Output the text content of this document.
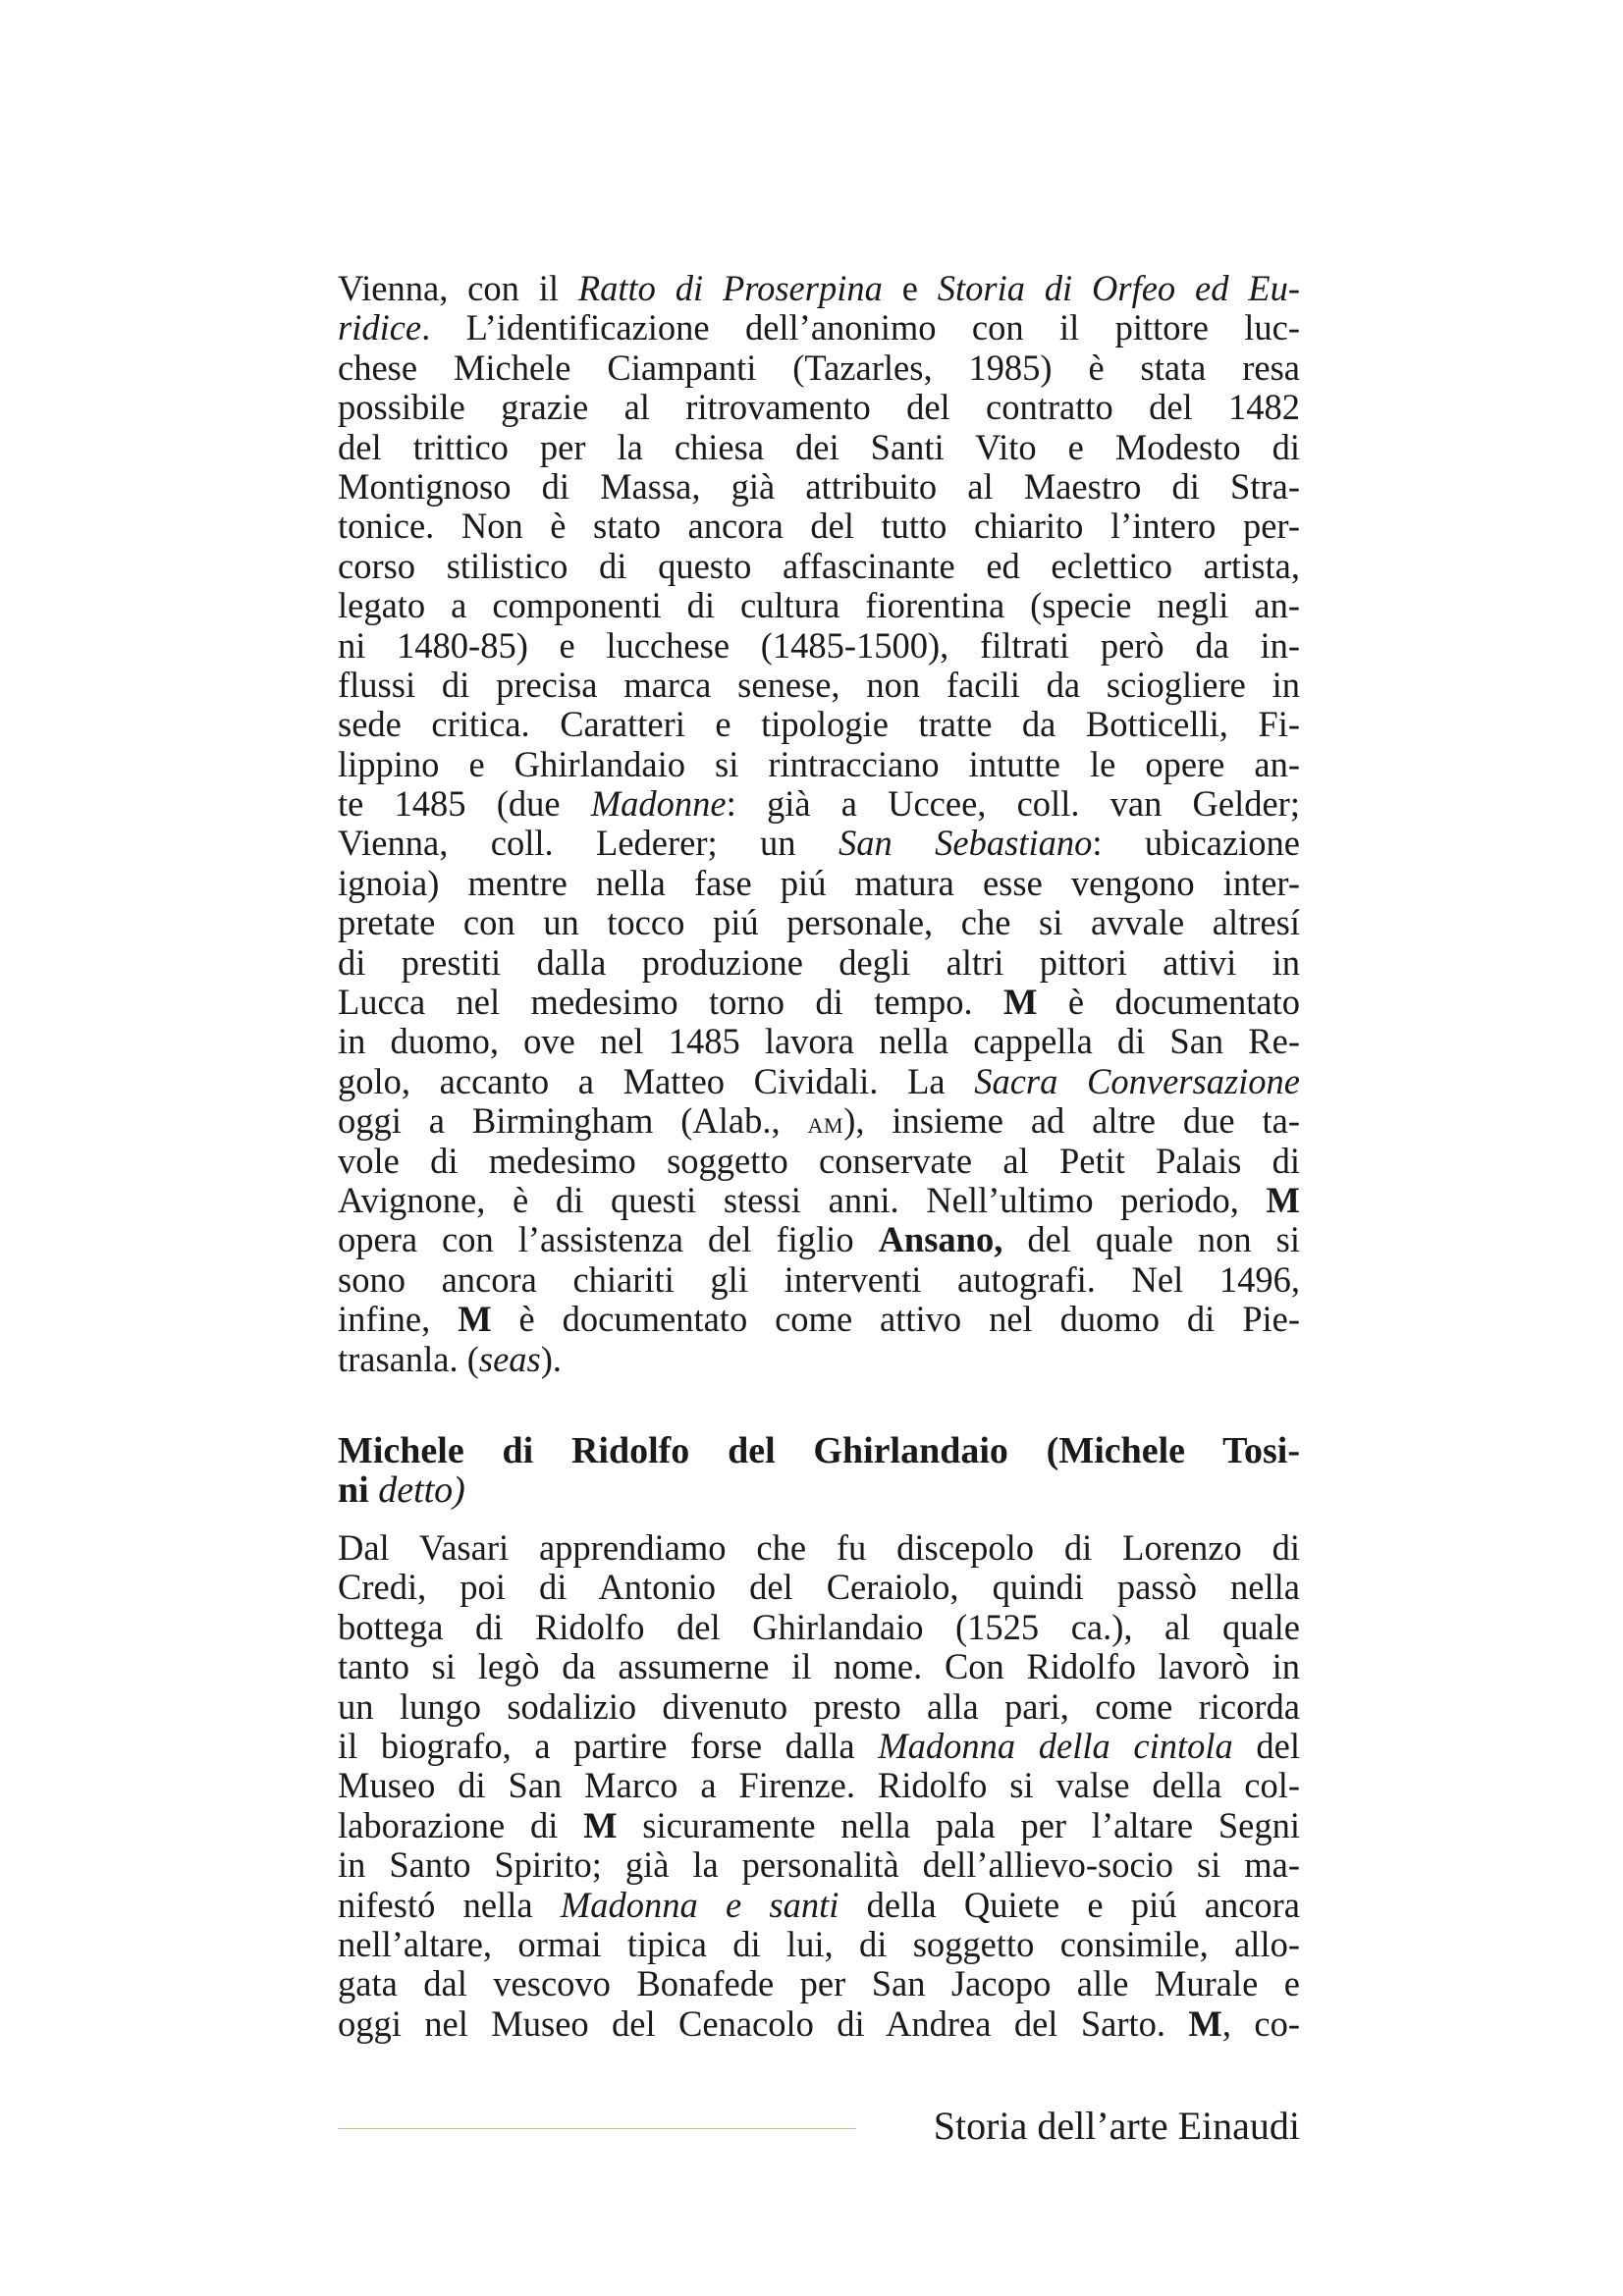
Vienna, con il Ratto di Proserpina e Storia di Orfeo ed Eu-
ridice. L’identificazione dell’anonimo con il pittore luc-
chese Michele Ciampanti (Tazarles, 1985) è stata resa
possibile grazie al ritrovamento del contratto del 1482
del trittico per la chiesa dei Santi Vito e Modesto di
Montignoso di Massa, già attribuito al Maestro di Stra-
tonice. Non è stato ancora del tutto chiarito l’intero per-
corso stilistico di questo affascinante ed eclettico artista,
legato a componenti di cultura fiorentina (specie negli an-
ni 1480-85) e lucchese (1485-1500), filtrati però da in-
flussi di precisa marca senese, non facili da sciogliere in
sede critica. Caratteri e tipologie tratte da Botticelli, Fi-
lippino e Ghirlandaio si rintracciano intutte le opere an-
te 1485 (due Madonne: già a Uccee, coll. van Gelder;
Vienna, coll. Lederer; un San Sebastiano: ubicazione
ignoia) mentre nella fase piú matura esse vengono inter-
pretate con un tocco piú personale, che si avvale altresí
di prestiti dalla produzione degli altri pittori attivi in
Lucca nel medesimo torno di tempo. M è documentato
in duomo, ove nel 1485 lavora nella cappella di San Re-
golo, accanto a Matteo Cividali. La Sacra Conversazione
oggi a Birmingham (Alab., am), insieme ad altre due ta-
vole di medesimo soggetto conservate al Petit Palais di
Avignone, è di questi stessi anni. Nell’ultimo periodo, M
opera con l’assistenza del figlio Ansano, del quale non si
sono ancora chiariti gli interventi autografi. Nel 1496,
infine, M è documentato come attivo nel duomo di Pie-
trasanla. (seas).
Michele di Ridolfo del Ghirlandaio (Michele Tosi-
ni detto)
Dal Vasari apprendiamo che fu discepolo di Lorenzo di
Credi, poi di Antonio del Ceraiolo, quindi passò nella
bottega di Ridolfo del Ghirlandaio (1525 ca.), al quale
tanto si legò da assumerne il nome. Con Ridolfo lavorò in
un lungo sodalizio divenuto presto alla pari, come ricorda
il biografo, a partire forse dalla Madonna della cintola del
Museo di San Marco a Firenze. Ridolfo si valse della col-
laborazione di M sicuramente nella pala per l’altare Segni
in Santo Spirito; già la personalità dell’allievo-socio si ma-
nifestó nella Madonna e santi della Quiete e piú ancora
nell’altare, ormai tipica di lui, di soggetto consimile, allo-
gata dal vescovo Bonafede per San Jacopo alle Murale e
oggi nel Museo del Cenacolo di Andrea del Sarto. M, co-
Storia dell’arte Einaudi
